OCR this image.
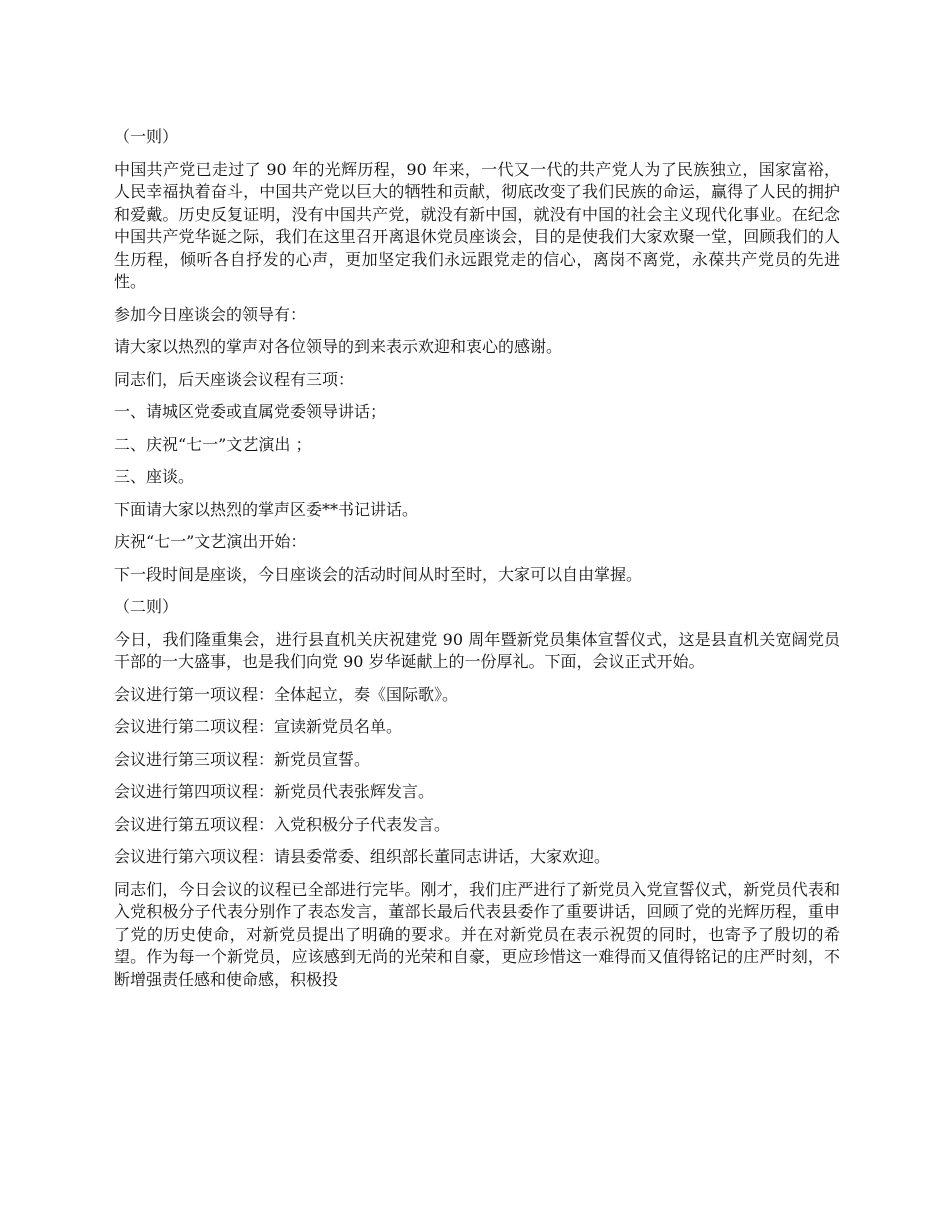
（一则）

中国共产党已走过了 90 年的光辉历程，90 年来，一代又一代的共产党人为了民族独立，国家富裕，人民幸福执着奋斗，中国共产党以巨大的牺牲和贡献，彻底改变了我们民族的命运，赢得了人民的拥护和爱戴。历史反复证明，没有中国共产党，就没有新中国，就没有中国的社会主义现代化事业。在纪念中国共产党华诞之际，我们在这里召开离退休党员座谈会，目的是使我们大家欢聚一堂，回顾我们的人生历程，倾听各自抒发的心声，更加坚定我们永远跟党走的信心，离岗不离党，永葆共产党员的先进性。

参加今日座谈会的领导有：

请大家以热烈的掌声对各位领导的到来表示欢迎和衷心的感谢。

同志们，后天座谈会议程有三项：

一、请城区党委或直属党委领导讲话；

二、庆祝“七一”文艺演出 ；

三、座谈。

下面请大家以热烈的掌声区委**书记讲话。

庆祝“七一”文艺演出开始：

下一段时间是座谈，今日座谈会的活动时间从时至时，大家可以自由掌握。

（二则）

今日，我们隆重集会，进行县直机关庆祝建党 90 周年暨新党员集体宣誓仪式，这是县直机关宽阔党员干部的一大盛事，也是我们向党 90 岁华诞献上的一份厚礼。下面，会议正式开始。

会议进行第一项议程：全体起立，奏《国际歌》。

会议进行第二项议程：宣读新党员名单。

会议进行第三项议程：新党员宣誓。

会议进行第四项议程：新党员代表张辉发言。

会议进行第五项议程：入党积极分子代表发言。

会议进行第六项议程：请县委常委、组织部长董同志讲话，大家欢迎。

同志们，今日会议的议程已全部进行完毕。刚才，我们庄严进行了新党员入党宣誓仪式，新党员代表和入党积极分子代表分别作了表态发言，董部长最后代表县委作了重要讲话，回顾了党的光辉历程，重申了党的历史使命，对新党员提出了明确的要求。并在对新党员在表示祝贺的同时，也寄予了殷切的希望。作为每一个新党员，应该感到无尚的光荣和自豪，更应珍惜这一难得而又值得铭记的庄严时刻，不断增强责任感和使命感，积极投
